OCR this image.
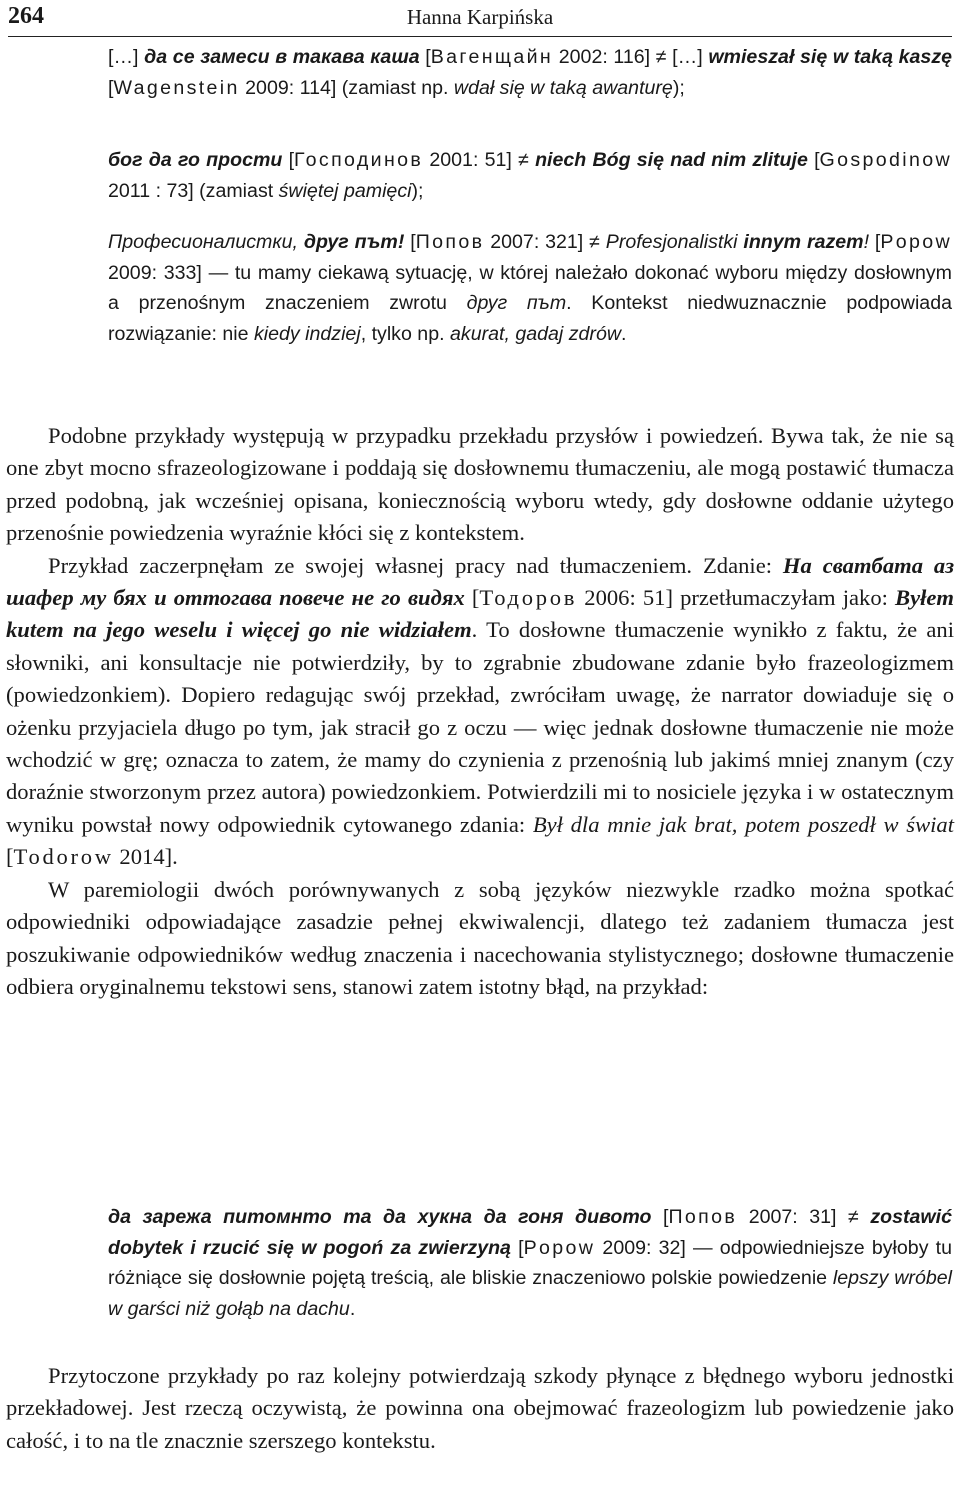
264	Hanna Karpińska
[…] да се замеси в такава каша [Вагенщайн 2002: 116] ≠ […] wmieszał się w taką kaszę [Wagenstein 2009: 114] (zamiast np. wdał się w taką awanturę);
бог да го прости [Господинов 2001: 51] ≠ niech Bóg się nad nim zlituje [Gospodinow 2011 : 73] (zamiast świętej pamięci);
Професионалистки, друг път! [Попов 2007: 321] ≠ Profesjonalistki innym razem! [Popow 2009: 333] — tu mamy ciekawą sytuację, w której należało dokonać wyboru między dosłownym a przenośnym znaczeniem zwrotu друг път. Kontekst niedwuznacznie podpowiada rozwiązanie: nie kiedy indziej, tylko np. akurat, gadaj zdrów.

Podobne przykłady występują w przypadku przekładu przysłów i powiedzeń. Bywa tak, że nie są one zbyt mocno sfrazeologizowane i poddają się dosłownemu tłumaczeniu, ale mogą postawić tłumacza przed podobną, jak wcześniej opisana, koniecznością wyboru wtedy, gdy dosłowne oddanie użytego przenośnie powiedzenia wyraźnie kłóci się z kontekstem.

Przykład zaczerpnęłam ze swojej własnej pracy nad tłumaczeniem. Zdanie: На сватбата аз шафер му бях и оттогава повече не го видях [Тодоров 2006: 51] przetłumaczyłam jako: Byłem kutem na jego weselu i więcej go nie widziałem. To dosłowne tłumaczenie wynikło z faktu, że ani słowniki, ani konsultacje nie potwierdziły, by to zgrabnie zbudowane zdanie było frazeologizmem (powiedzonkiem). Dopiero redagując swój przekład, zwróciłam uwagę, że narrator dowiaduje się o ożenku przyjaciela długo po tym, jak stracił go z oczu — więc jednak dosłowne tłumaczenie nie może wchodzić w grę; oznacza to zatem, że mamy do czynienia z przenośnią lub jakimś mniej znanym (czy doraźnie stworzonym przez autora) powiedzonkiem. Potwierdzili mi to nosiciele języka i w ostatecznym wyniku powstał nowy odpowiednik cytowanego zdania: Był dla mnie jak brat, potem poszedł w świat [Todorow 2014].

W paremiologii dwóch porównywanych z sobą języków niezwykle rzadko można spotkać odpowiedniki odpowiadające zasadzie pełnej ekwiwalencji, dlatego też zadaniem tłumacza jest poszukiwanie odpowiedników według znaczenia i nacechowania stylistycznego; dosłowne tłumaczenie odbiera oryginalnemu tekstowi sens, stanowi zatem istotny błąd, na przykład:

да зарежа питомнто та да хукна да гоня дивото [Попов 2007: 31] ≠ zostawić dobytek i rzucić się w pogoń za zwierzyną [Popow 2009: 32] — odpowiedniejsze byłoby tu różniące się dosłownie pojętą treścią, ale bliskie znaczeniowo polskie powiedzenie lepszy wróbel w garści niż gołąb na dachu.

Przytoczone przykłady po raz kolejny potwierdzają szkody płynące z błędnego wyboru jednostki przekładowej. Jest rzeczą oczywistą, że powinna ona obejmować frazeologizm lub powiedzenie jako całość, i to na tle znacznie szerszego kontekstu.
